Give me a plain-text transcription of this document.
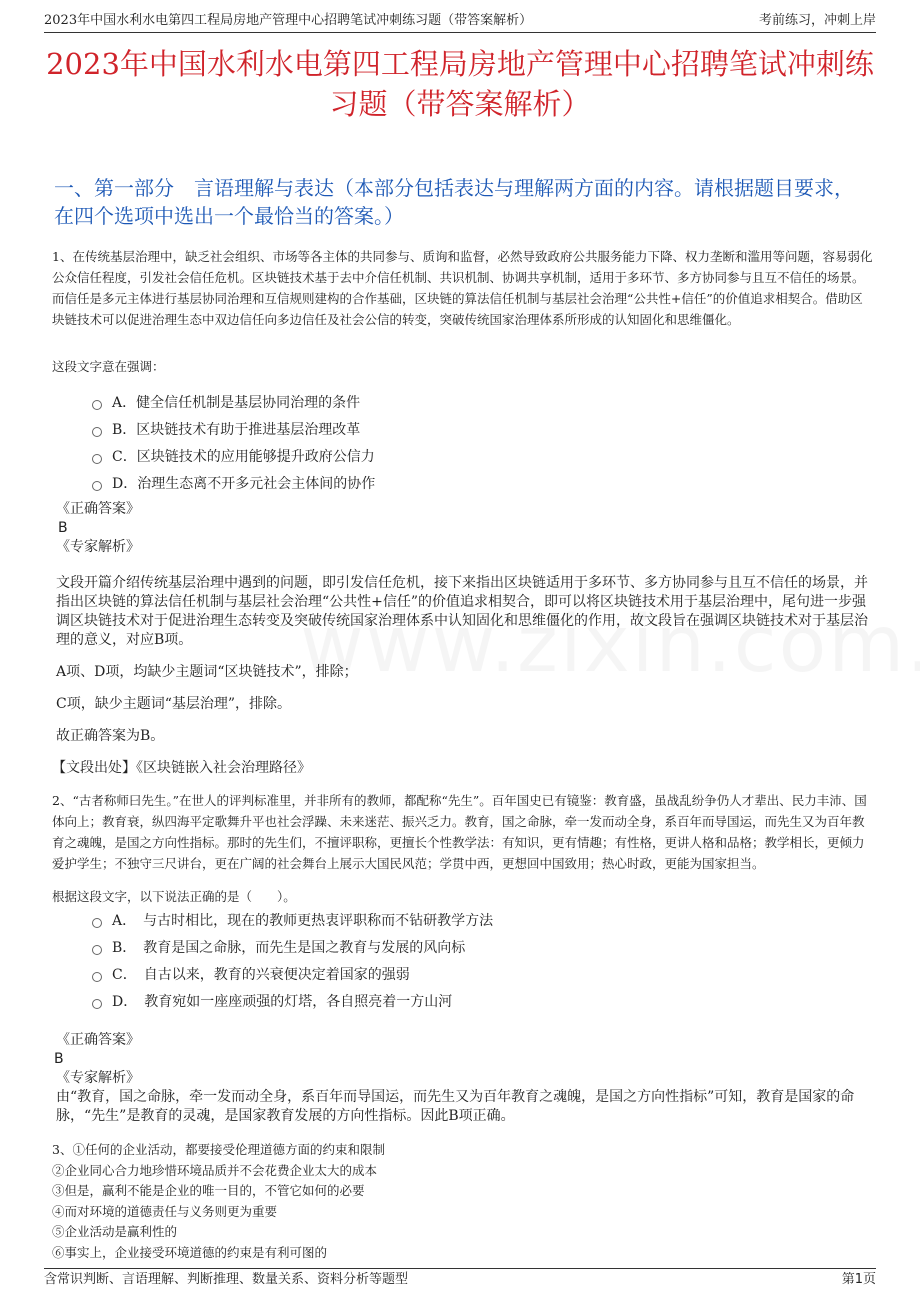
2023年中国水利水电第四工程局房地产管理中心招聘笔试冲刺练习题（带答案解析）	考前练习，冲刺上岸
2023年中国水利水电第四工程局房地产管理中心招聘笔试冲刺练习题（带答案解析）
一、第一部分　言语理解与表达（本部分包括表达与理解两方面的内容。请根据题目要求，在四个选项中选出一个最恰当的答案。）

1、在传统基层治理中，缺乏社会组织、市场等各主体的共同参与、质询和监督，必然导致政府公共服务能力下降、权力垄断和滥用等问题，容易弱化公众信任程度，引发社会信任危机。区块链技术基于去中介信任机制、共识机制、协调共享机制，适用于多环节、多方协同参与且互不信任的场景。而信任是多元主体进行基层协同治理和互信规则建构的合作基础，区块链的算法信任机制与基层社会治理“公共性+信任”的价值追求相契合。借助区块链技术可以促进治理生态中双边信任向多边信任及社会公信的转变，突破传统国家治理体系所形成的认知固化和思维僵化。

这段文字意在强调：
A．健全信任机制是基层协同治理的条件
B．区块链技术有助于推进基层治理改革
C．区块链技术的应用能够提升政府公信力
D．治理生态离不开多元社会主体间的协作

《正确答案》

B

《专家解析》

文段开篇介绍传统基层治理中遇到的问题，即引发信任危机，接下来指出区块链适用于多环节、多方协同参与且互不信任的场景，并指出区块链的算法信任机制与基层社会治理“公共性+信任”的价值追求相契合，即可以将区块链技术用于基层治理中，尾句进一步强调区块链技术对于促进治理生态转变及突破传统国家治理体系中认知固化和思维僵化的作用，故文段旨在强调区块链技术对于基层治理的意义，对应B项。

A项、D项，均缺少主题词“区块链技术”，排除；

C项，缺少主题词“基层治理”，排除。

故正确答案为B。

【文段出处】《区块链嵌入社会治理路径》

2、“古者称师曰先生。”在世人的评判标准里，并非所有的教师，都配称“先生”。百年国史已有镜鉴：教育盛，虽战乱纷争仍人才辈出、民力丰沛、国体向上；教育衰，纵四海平定歌舞升平也社会浮躁、未来迷茫、振兴乏力。教育，国之命脉，牵一发而动全身，系百年而导国运，而先生又为百年教育之魂魄，是国之方向性指标。那时的先生们，不擅评职称，更擅长个性教学法：有知识，更有情趣；有性格，更讲人格和品格；教学相长，更倾力爱护学生；不独守三尺讲台，更在广阔的社会舞台上展示大国民风范；学贯中西，更想回中国致用；热心时政，更能为国家担当。

根据这段文字，以下说法正确的是（　　）。
A．　与古时相比，现在的教师更热衷评职称而不钻研教学方法
B．　教育是国之命脉，而先生是国之教育与发展的风向标
C．　自古以来，教育的兴衰便决定着国家的强弱
D．　教育宛如一座座顽强的灯塔，各自照亮着一方山河

《正确答案》

B

《专家解析》

由“教育，国之命脉，牵一发而动全身，系百年而导国运，而先生又为百年教育之魂魄，是国之方向性指标”可知，教育是国家的命脉，“先生”是教育的灵魂，是国家教育发展的方向性指标。因此B项正确。

3、①任何的企业活动，都要接受伦理道德方面的约束和限制
②企业同心合力地珍惜环境品质并不会花费企业太大的成本
③但是，赢利不能是企业的唯一目的，不管它如何的必要
④而对环境的道德责任与义务则更为重要
⑤企业活动是赢利性的
⑥事实上，企业接受环境道德的约束是有利可图的
含常识判断、言语理解、判断推理、数量关系、资料分析等题型	第1页
